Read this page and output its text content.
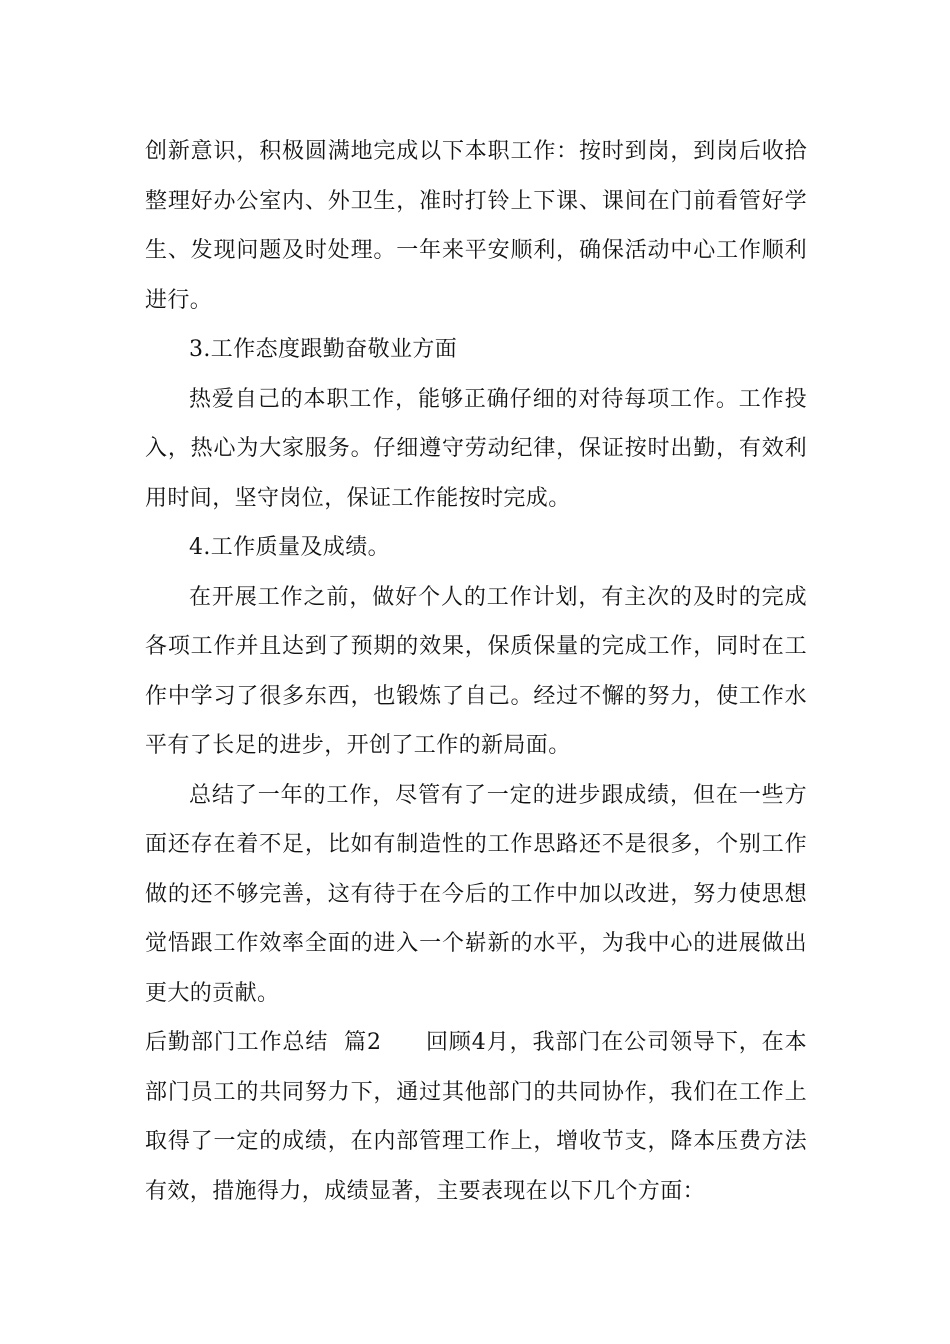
创新意识，积极圆满地完成以下本职工作：按时到岗，到岗后收拾整理好办公室内、外卫生，准时打铃上下课、课间在门前看管好学生、发现问题及时处理。一年来平安顺利，确保活动中心工作顺利进行。

3.工作态度跟勤奋敬业方面

热爱自己的本职工作，能够正确仔细的对待每项工作。工作投入，热心为大家服务。仔细遵守劳动纪律，保证按时出勤，有效利用时间，坚守岗位，保证工作能按时完成。

4.工作质量及成绩。

在开展工作之前，做好个人的工作计划，有主次的及时的完成各项工作并且达到了预期的效果，保质保量的完成工作，同时在工作中学习了很多东西，也锻炼了自己。经过不懈的努力，使工作水平有了长足的进步，开创了工作的新局面。

总结了一年的工作，尽管有了一定的进步跟成绩，但在一些方面还存在着不足，比如有制造性的工作思路还不是很多，个别工作做的还不够完善，这有待于在今后的工作中加以改进，努力使思想觉悟跟工作效率全面的进入一个崭新的水平，为我中心的进展做出更大的贡献。

后勤部门工作总结  篇2 回顾4月，我部门在公司领导下，在本部门员工的共同努力下，通过其他部门的共同协作，我们在工作上取得了一定的成绩，在内部管理工作上，增收节支，降本压费方法有效，措施得力，成绩显著，主要表现在以下几个方面：
